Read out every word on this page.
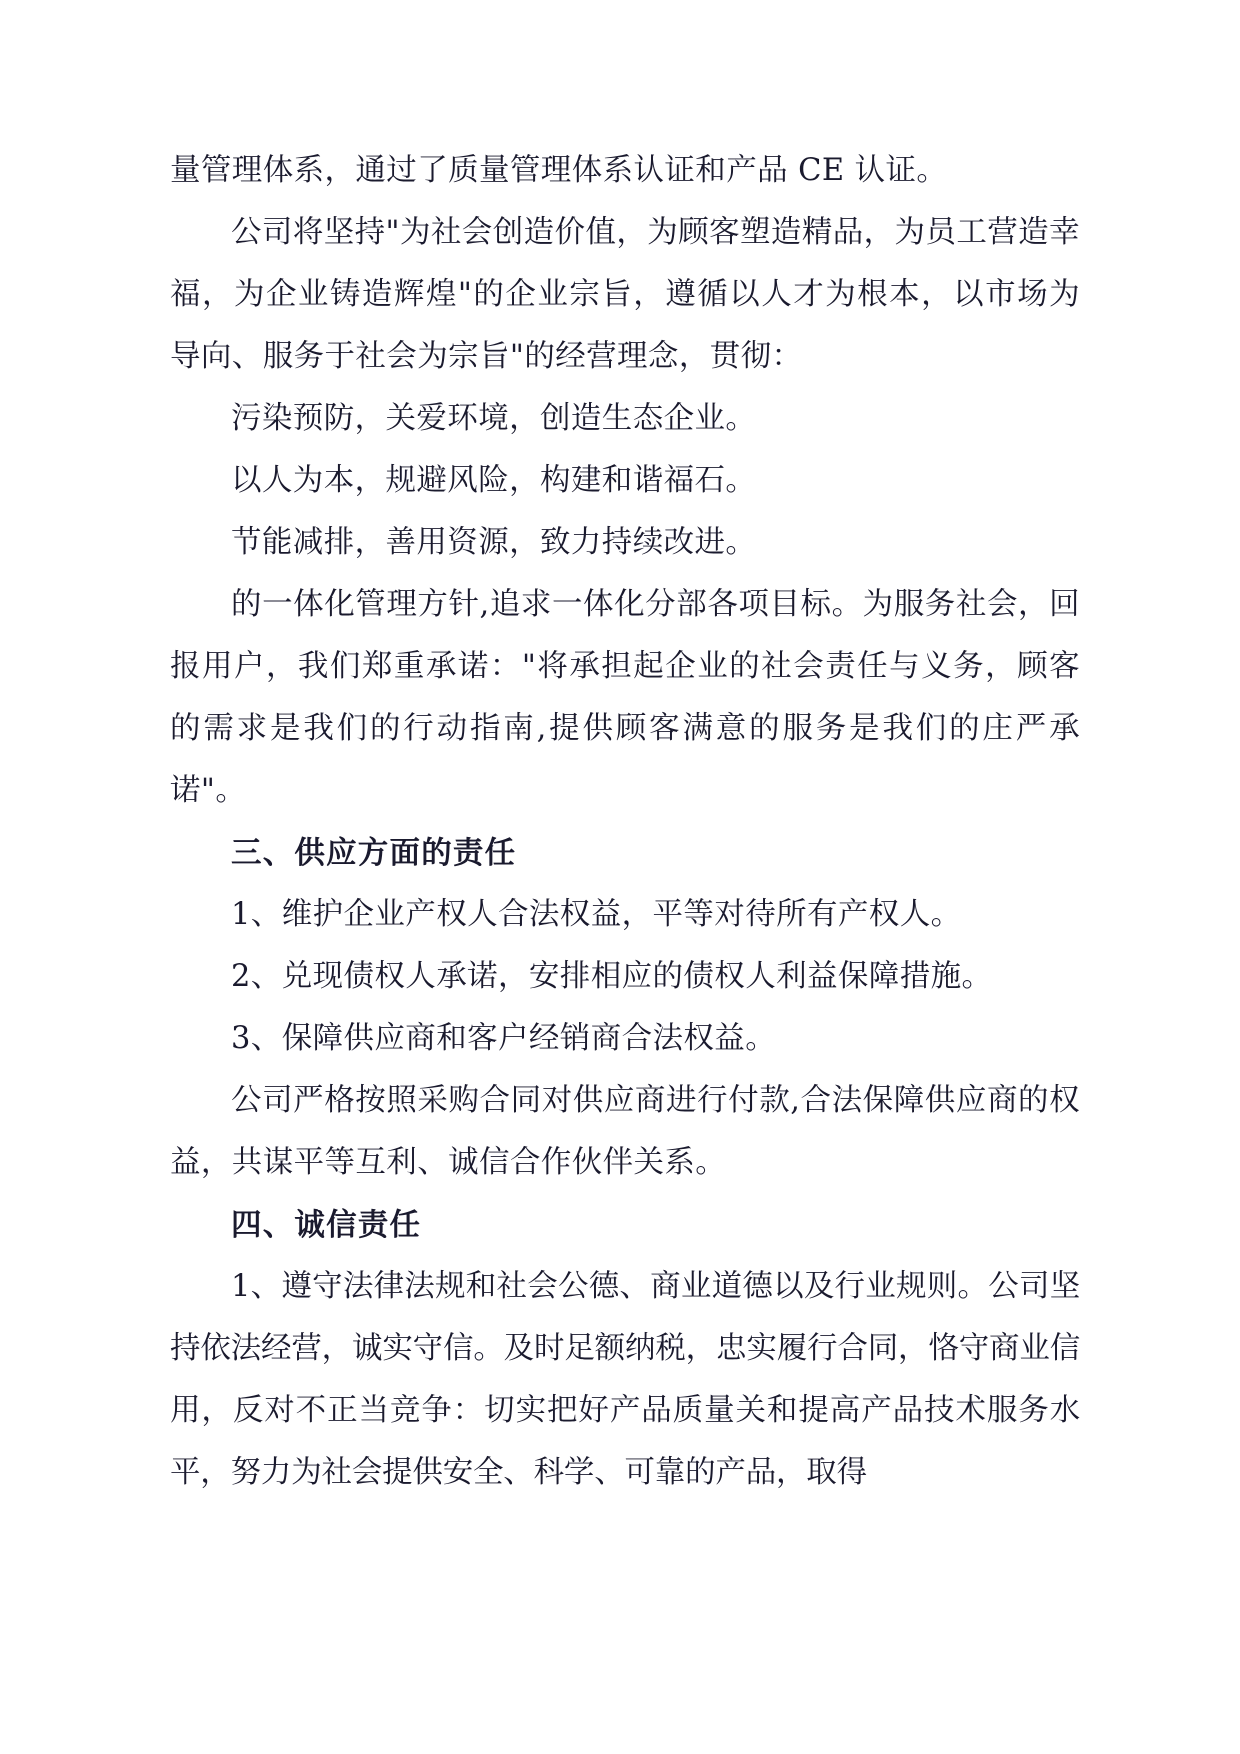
量管理体系，通过了质量管理体系认证和产品 CE 认证。

公司将坚持"为社会创造价值，为顾客塑造精品，为员工营造幸福，为企业铸造辉煌"的企业宗旨，遵循以人才为根本，以市场为导向、服务于社会为宗旨"的经营理念，贯彻：

污染预防，关爱环境，创造生态企业。

以人为本，规避风险，构建和谐福石。

节能减排，善用资源，致力持续改进。

的一体化管理方针,追求一体化分部各项目标。为服务社会，回报用户，我们郑重承诺："将承担起企业的社会责任与义务，顾客的需求是我们的行动指南,提供顾客满意的服务是我们的庄严承诺"。

三、供应方面的责任

1、维护企业产权人合法权益，平等对待所有产权人。

2、兑现债权人承诺，安排相应的债权人利益保障措施。

3、保障供应商和客户经销商合法权益。

公司严格按照采购合同对供应商进行付款,合法保障供应商的权益，共谋平等互利、诚信合作伙伴关系。

四、诚信责任

1、遵守法律法规和社会公德、商业道德以及行业规则。公司坚持依法经营，诚实守信。及时足额纳税，忠实履行合同，恪守商业信用，反对不正当竞争：切实把好产品质量关和提高产品技术服务水平，努力为社会提供安全、科学、可靠的产品，取得
